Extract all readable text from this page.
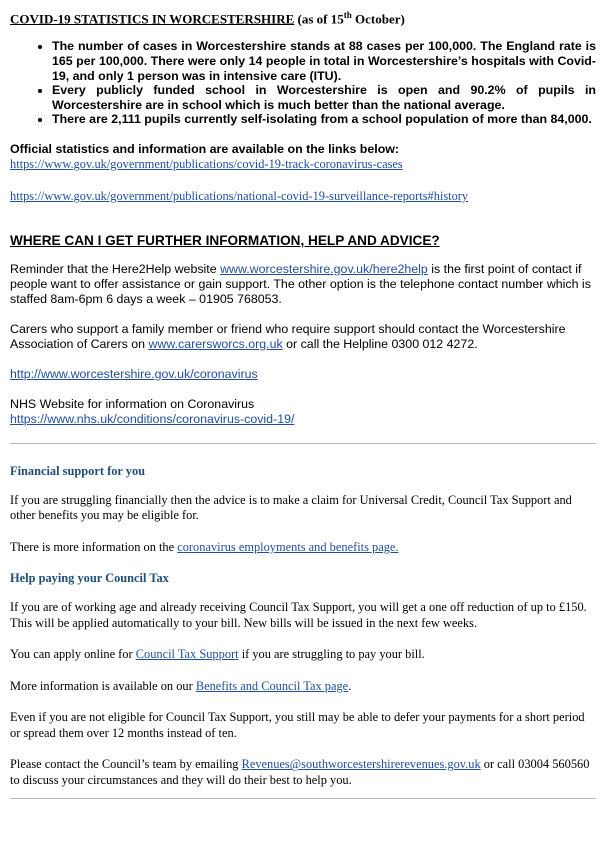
COVID-19 STATISTICS IN WORCESTERSHIRE (as of 15th October)
• The number of cases in Worcestershire stands at 88 cases per 100,000. The England rate is 165 per 100,000. There were only 14 people in total in Worcestershire’s hospitals with Covid-19, and only 1 person was in intensive care (ITU).
• Every publicly funded school in Worcestershire is open and 90.2% of pupils in Worcestershire are in school which is much better than the national average.
• There are 2,111 pupils currently self-isolating from a school population of more than 84,000.
Official statistics and information are available on the links below:
https://www.gov.uk/government/publications/covid-19-track-coronavirus-cases
https://www.gov.uk/government/publications/national-covid-19-surveillance-reports#history
WHERE CAN I GET FURTHER INFORMATION, HELP AND ADVICE?

Reminder that the Here2Help website www.worcestershire.gov.uk/here2help is the first point of contact if people want to offer assistance or gain support. The other option is the telephone contact number which is staffed 8am-6pm 6 days a week – 01905 768053.

Carers who support a family member or friend who require support should contact the Worcestershire Association of Carers on www.carersworcs.org.uk or call the Helpline 0300 012 4272.

http://www.worcestershire.gov.uk/coronavirus

NHS Website for information on Coronavirus
https://www.nhs.uk/conditions/coronavirus-covid-19/

Financial support for you

If you are struggling financially then the advice is to make a claim for Universal Credit, Council Tax Support and other benefits you may be eligible for.

There is more information on the coronavirus employments and benefits page.

Help paying your Council Tax

If you are of working age and already receiving Council Tax Support, you will get a one off reduction of up to £150. This will be applied automatically to your bill. New bills will be issued in the next few weeks.

You can apply online for Council Tax Support if you are struggling to pay your bill.

More information is available on our Benefits and Council Tax page.

Even if you are not eligible for Council Tax Support, you still may be able to defer your payments for a short period or spread them over 12 months instead of ten.

Please contact the Council’s team by emailing Revenues@southworcestershirerevenues.gov.uk or call 03004 560560 to discuss your circumstances and they will do their best to help you.
